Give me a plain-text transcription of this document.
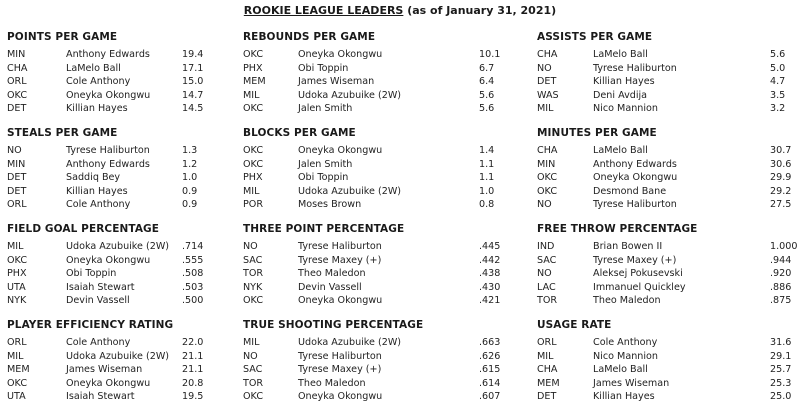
ROOKIE LEAGUE LEADERS (as of January 31, 2021)
POINTS PER GAME
MIN	Anthony Edwards	19.4
CHA	LaMelo Ball	17.1
ORL	Cole Anthony	15.0
OKC	Oneyka Okongwu	14.7
DET	Killian Hayes	14.5
REBOUNDS PER GAME
OKC	Oneyka Okongwu	10.1
PHX	Obi Toppin	6.7
MEM	James Wiseman	6.4
MIL	Udoka Azubuike (2W)	5.6
OKC	Jalen Smith	5.6
ASSISTS PER GAME
CHA	LaMelo Ball	5.6
NO	Tyrese Haliburton	5.0
DET	Killian Hayes	4.7
WAS	Deni Avdija	3.5
MIL	Nico Mannion	3.2
STEALS PER GAME
NO	Tyrese Haliburton	1.3
MIN	Anthony Edwards	1.2
DET	Saddiq Bey	1.0
DET	Killian Hayes	0.9
ORL	Cole Anthony	0.9
BLOCKS PER GAME
OKC	Oneyka Okongwu	1.4
OKC	Jalen Smith	1.1
PHX	Obi Toppin	1.1
MIL	Udoka Azubuike (2W)	1.0
POR	Moses Brown	0.8
MINUTES PER GAME
CHA	LaMelo Ball	30.7
MIN	Anthony Edwards	30.6
OKC	Oneyka Okongwu	29.9
OKC	Desmond Bane	29.2
NO	Tyrese Haliburton	27.5
FIELD GOAL PERCENTAGE
MIL	Udoka Azubuike (2W) .714
OKC	Oneyka Okongwu	.555
PHX	Obi Toppin	.508
UTA	Isaiah Stewart	.503
NYK	Devin Vassell	.500
THREE POINT PERCENTAGE
NO	Tyrese Haliburton	.445
SAC	Tyrese Maxey (+)	.442
TOR	Theo Maledon	.438
NYK	Devin Vassell	.430
OKC	Oneyka Okongwu	.421
FREE THROW PERCENTAGE
IND	Brian Bowen II	1.000
SAC	Tyrese Maxey (+)	.944
NO	Aleksej Pokusevski	.920
LAC	Immanuel Quickley	.886
TOR	Theo Maledon	.875
PLAYER EFFICIENCY RATING
ORL	Cole Anthony	22.0
MIL	Udoka Azubuike (2W) 21.1
MEM	James Wiseman	21.1
OKC	Oneyka Okongwu	20.8
UTA	Isaiah Stewart	19.5
TRUE SHOOTING PERCENTAGE
MIL	Udoka Azubuike (2W)	.663
NO	Tyrese Haliburton	.626
SAC	Tyrese Maxey (+)	.615
TOR	Theo Maledon	.614
OKC	Oneyka Okongwu	.607
USAGE RATE
ORL	Cole Anthony	31.6
MIL	Nico Mannion	29.1
CHA	LaMelo Ball	25.7
MEM	James Wiseman	25.3
DET	Killian Hayes	25.0
